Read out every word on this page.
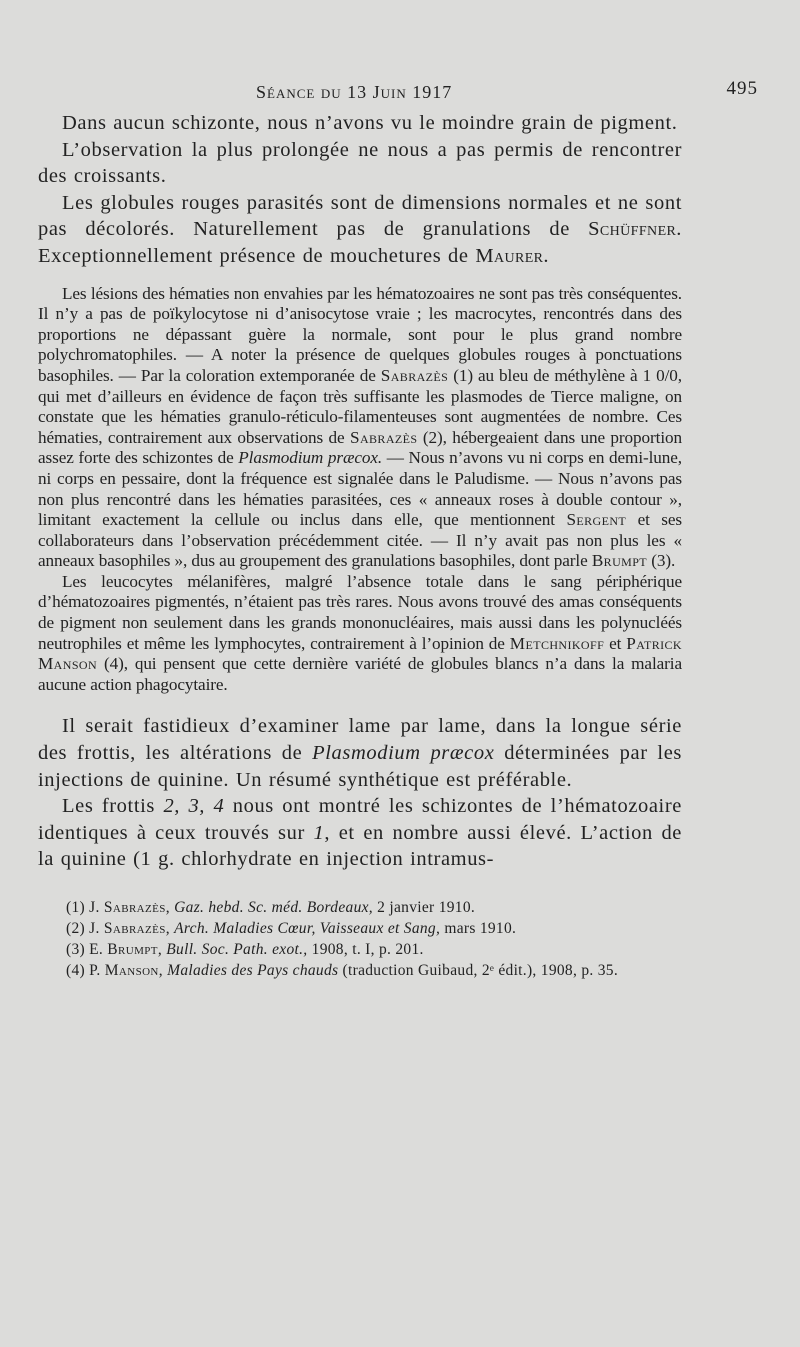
Séance du 13 Juin 1917	495

Dans aucun schizonte, nous n’avons vu le moindre grain de pigment.

L’observation la plus prolongée ne nous a pas permis de rencontrer des croissants.

Les globules rouges parasités sont de dimensions normales et ne sont pas décolorés. Naturellement pas de granulations de Schüffner. Exceptionnellement présence de mouchetures de Maurer.

Les lésions des hématies non envahies par les hématozoaires ne sont pas très conséquentes. Il n’y a pas de poïkylocytose ni d’anisocytose vraie ; les macrocytes, rencontrés dans des proportions ne dépassant guère la normale, sont pour le plus grand nombre polychromatophiles. — A noter la présence de quelques globules rouges à ponctuations basophiles. — Par la coloration extemporanée de Sabrazès (1) au bleu de méthylène à 1 0/0, qui met d’ailleurs en évidence de façon très suffisante les plasmodes de Tierce maligne, on constate que les hématies granulo-réticulo-filamenteuses sont augmentées de nombre. Ces hématies, contrairement aux observations de Sabrazès (2), hébergeaient dans une proportion assez forte des schizontes de Plasmodium præcox. — Nous n’avons vu ni corps en demi-lune, ni corps en pessaire, dont la fréquence est signalée dans le Paludisme. — Nous n’avons pas non plus rencontré dans les hématies parasitées, ces « anneaux roses à double contour », limitant exactement la cellule ou inclus dans elle, que mentionnent Sergent et ses collaborateurs dans l’observation précédemment citée. — Il n’y avait pas non plus les « anneaux basophiles », dus au groupement des granulations basophiles, dont parle Brumpt (3).

Les leucocytes mélanifères, malgré l’absence totale dans le sang périphérique d’hématozoaires pigmentés, n’étaient pas très rares. Nous avons trouvé des amas conséquents de pigment non seulement dans les grands mononucléaires, mais aussi dans les polynucléés neutrophiles et même les lymphocytes, contrairement à l’opinion de Metchnikoff et Patrick Manson (4), qui pensent que cette dernière variété de globules blancs n’a dans la malaria aucune action phagocytaire.

Il serait fastidieux d’examiner lame par lame, dans la longue série des frottis, les altérations de Plasmodium præcox déterminées par les injections de quinine. Un résumé synthétique est préférable.

Les frottis 2, 3, 4 nous ont montré les schizontes de l’hématozoaire identiques à ceux trouvés sur 1, et en nombre aussi élevé. L’action de la quinine (1 g. chlorhydrate en injection intramus-

(1) J. Sabrazès, Gaz. hebd. Sc. méd. Bordeaux, 2 janvier 1910.

(2) J. Sabrazès, Arch. Maladies Cœur, Vaisseaux et Sang, mars 1910.

(3) E. Brumpt, Bull. Soc. Path. exot., 1908, t. I, p. 201.

(4) P. Manson, Maladies des Pays chauds (traduction Guibaud, 2ᵉ édit.), 1908, p. 35.
